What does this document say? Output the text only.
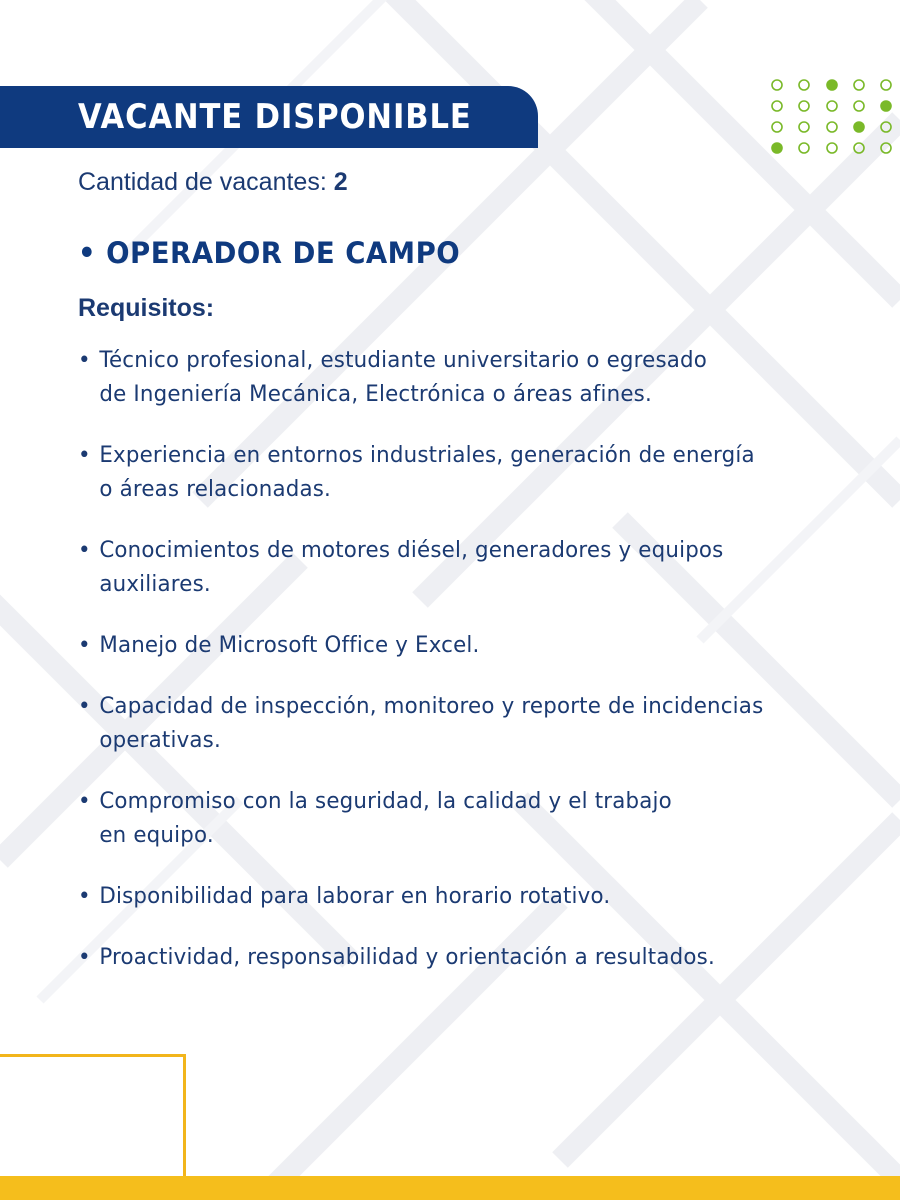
VACANTE DISPONIBLE
Cantidad de vacantes: 2
• OPERADOR DE CAMPO
Requisitos:
• Técnico profesional, estudiante universitario o egresado
de Ingeniería Mecánica, Electrónica o áreas afines.
• Experiencia en entornos industriales, generación de energía
o áreas relacionadas.
• Conocimientos de motores diésel, generadores y equipos
auxiliares.
• Manejo de Microsoft Office y Excel.
• Capacidad de inspección, monitoreo y reporte de incidencias
operativas.
• Compromiso con la seguridad, la calidad y el trabajo
en equipo.
• Disponibilidad para laborar en horario rotativo.
• Proactividad, responsabilidad y orientación a resultados.
